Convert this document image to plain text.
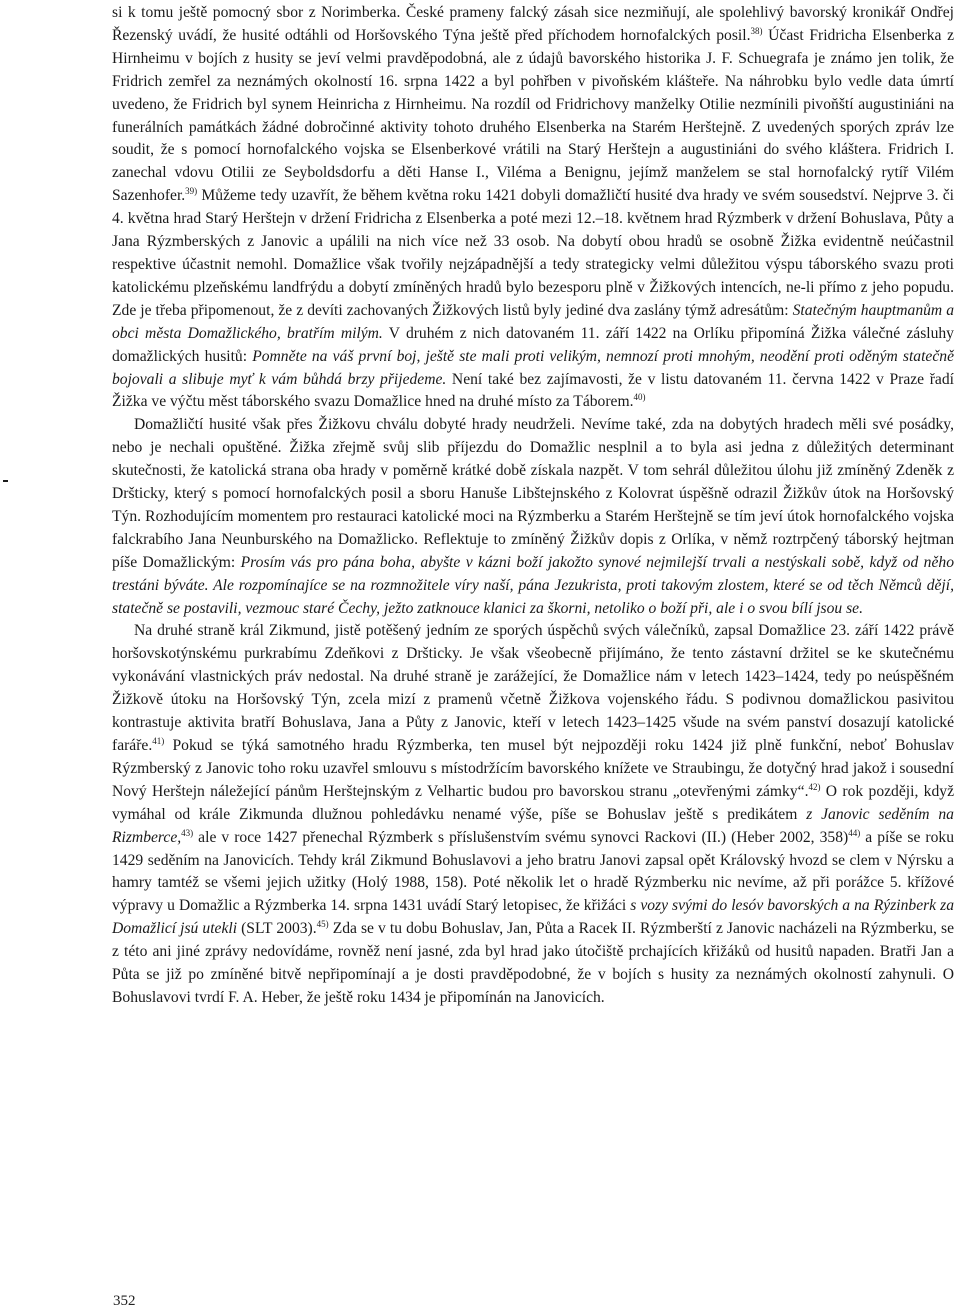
si k tomu ještě pomocný sbor z Norimberka. České prameny falcký zásah sice nezmiňují, ale spolehlivý bavorský kronikář Ondřej Řezenský uvádí, že husité odtáhli od Horšovského Týna ještě před příchodem hornofalckých posil.$^{38)}$ Účast Fridricha Elsenberka z Hirnheimu v bojích z husity se jeví velmi pravděpodobná, ale z údajů bavorského historika J. F. Schuegrafa je známo jen tolik, že Fridrich zemřel za neznámých okolností 16. srpna 1422 a byl pohřben v pivoňském klášteře. Na náhrobku bylo vedle data úmrtí uvedeno, že Fridrich byl synem Heinricha z Hirnheimu. Na rozdíl od Fridrichovy manželky Otilie nezmínili pivoňští augustiniáni na funerálních památkách žádné dobročinné aktivity tohoto druhého Elsenberka na Starém Herštejně. Z uvedených sporých zpráv lze soudit, že s pomocí hornofalckého vojska se Elsenberkové vrátili na Starý Herštejn a augustiniáni do svého kláštera. Fridrich I. zanechal vdovu Otilii ze Seyboldsdorfu a děti Hanse I., Viléma a Benignu, jejímž manželem se stal hornofalcký rytíř Vilém Sazenhofer.$^{39)}$ Můžeme tedy uzavřít, že během května roku 1421 dobyli domažličtí husité dva hrady ve svém sousedství. Nejprve 3. či 4. května hrad Starý Herštejn v držení Fridricha z Elsenberka a poté mezi 12.–18. květnem hrad Rýzmberk v držení Bohuslava, Půty a Jana Rýzmberských z Janovic a upálili na nich více než 33 osob. Na dobytí obou hradů se osobně Žižka evidentně neúčastnil respektive účastnit nemohl. Domažlice však tvořily nejzápadnější a tedy strategicky velmi důležitou výspu táborského svazu proti katolickému plzeňskému landfrýdu a dobytí zmíněných hradů bylo bezesporu plně v Žižkových intencích, ne-li přímo z jeho popudu. Zde je třeba připomenout, že z devíti zachovaných Žižkových listů byly jediné dva zaslány týmž adresátům: Statečným hauptmanům a obci města Domažlického, bratřím milým. V druhém z nich datovaném 11. září 1422 na Orlíku připomíná Žižka válečné zásluhy domažlických husitů: Pomněte na váš první boj, ještě ste mali proti velikým, nemnozí proti mnohým, neodění proti oděným statečně bojovali a slibuje myť k vám bůhdá brzy přijedeme. Není také bez zajímavosti, že v listu datovaném 11. června 1422 v Praze řadí Žižka ve výčtu měst táborského svazu Domažlice hned na druhé místo za Táborem.$^{40)}$

Domažličtí husité však přes Žižkovu chválu dobyté hrady neudrželi. Nevíme také, zda na dobytých hradech měli své posádky, nebo je nechali opuštěné. Žižka zřejmě svůj slib příjezdu do Domažlic nesplnil a to byla asi jedna z důležitých determinant skutečnosti, že katolická strana oba hrady v poměrně krátké době získala nazpět. V tom sehrál důležitou úlohu již zmíněný Zdeněk z Dršticky, který s pomocí hornofalckých posil a sboru Hanuše Libštejnského z Kolovrat úspěšně odrazil Žižkův útok na Horšovský Týn. Rozhodujícím momentem pro restauraci katolické moci na Rýzmberku a Starém Herštejně se tím jeví útok hornofalckého vojska falckrabího Jana Neunburského na Domažlicko. Reflektuje to zmíněný Žižkův dopis z Orlíka, v němž roztrpčený táborský hejtman píše Domažlickým: Prosím vás pro pána boha, abyšte v kázni boží jakožto synové nejmilejší trvali a nestýskali sobě, když od něho trestáni býváte. Ale rozpomínajíce se na rozmnožitele víry naší, pána Jezukrista, proti takovým zlostem, které se od těch Němců dějí, statečně se postavili, vezmouc staré Čechy, ježto zatknouce klanici za škorni, netoliko o boží při, ale i o svou bílí jsou se.

Na druhé straně král Zikmund, jistě potěšený jedním ze sporých úspěchů svých válečníků, zapsal Domažlice 23. září 1422 právě horšovskotýnskému purkrabímu Zdeňkovi z Dršticky. Je však všeobecně přijímáno, že tento zástavní držitel se ke skutečnému vykonávání vlastnických práv nedostal. Na druhé straně je zarážející, že Domažlice nám v letech 1423–1424, tedy po neúspěšném Žižkově útoku na Horšovský Týn, zcela mizí z pramenů včetně Žižkova vojenského řádu. S podivnou domažlickou pasivitou kontrastuje aktivita bratří Bohuslava, Jana a Půty z Janovic, kteří v letech 1423–1425 všude na svém panství dosazují katolické faráře.$^{41)}$ Pokud se týká samotného hradu Rýzmberka, ten musel být nejpozději roku 1424 již plně funkční, neboť Bohuslav Rýzmberský z Janovic toho roku uzavřel smlouvu s místodržícím bavorského knížete ve Straubingu, že dotyčný hrad jakož i sousední Nový Herštejn náležející pánům Herštejnským z Velhartic budou pro bavorskou stranu „otevřenými zámky“.$^{42)}$ O rok později, když vymáhal od krále Zikmunda dlužnou pohledávku nenamé výše, píše se Bohuslav ještě s predikátem z Janovic seděním na Rizmberce,$^{43)}$ ale v roce 1427 přenechal Rýzmberk s příslušenstvím svému synovci Rackovi (II.) (Heber 2002, 358)$^{44)}$ a píše se roku 1429 seděním na Janovicích. Tehdy král Zikmund Bohuslavovi a jeho bratru Janovi zapsal opět Královský hvozd se clem v Nýrsku a hamry tamtéž se všemi jejich užitky (Holý 1988, 158). Poté několik let o hradě Rýzmberku nic nevíme, až při porážce 5. křížové výpravy u Domažlic a Rýzmberka 14. srpna 1431 uvádí Starý letopisec, že křižáci s vozy svými do lesóv bavorských a na Rýzinberk za Domažlicí jsú utekli (SLT 2003).$^{45)}$ Zda se v tu dobu Bohuslav, Jan, Půta a Racek II. Rýzmberští z Janovic nacházeli na Rýzmberku, se z této ani jiné zprávy nedovídáme, rovněž není jasné, zda byl hrad jako útočiště prchajících křižáků od husitů napaden. Bratři Jan a Půta se již po zmíněné bitvě nepřipomínají a je dosti pravděpodobné, že v bojích s husity za neznámých okolností zahynuli. O Bohuslavovi tvrdí F. A. Heber, že ještě roku 1434 je připomínán na Janovicích.

352
